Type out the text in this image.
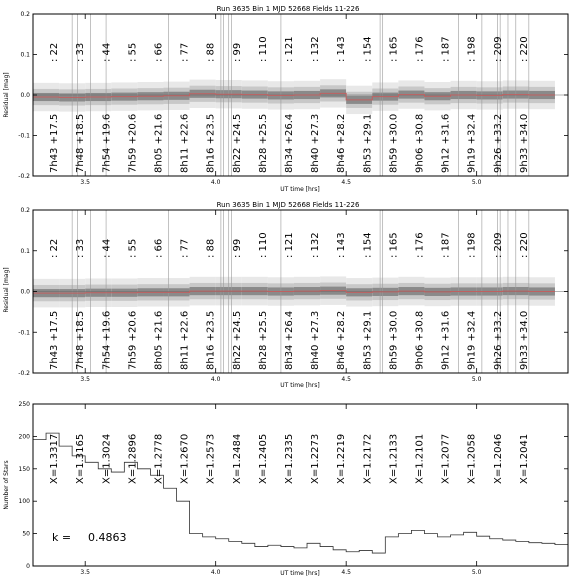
Run 3635 Bin 1 MJD 52668 Fields 11-226
: 22
7h43 +17.5
: 33
7h48 +18.5
: 44
7h54 +19.6
: 55
7h59 +20.6
: 66
8h05 +21.6
: 77
8h11 +22.6
: 88
8h16 +23.5
: 99
8h22 +24.5
: 110
8h28 +25.5
: 121
8h34 +26.4
: 132
8h40 +27.3
: 143
8h46 +28.2
: 154
8h53 +29.1
: 165
8h59 +30.0
: 176
9h06 +30.8
: 187
9h12 +31.6
: 198
9h19 +32.4
: 209
9h26 +33.2
: 220
9h33 +34.0
-0.2
-0.1
0.0
0.1
0.2
3.5	4.0	4.5	5.0
Residual [mag]
UT time [hrs]
Run 3635 Bin 1 MJD 52668 Fields 11-226
: 22
7h43 +17.5
: 33
7h48 +18.5
: 44
7h54 +19.6
: 55
7h59 +20.6
: 66
8h05 +21.6
: 77
8h11 +22.6
: 88
8h16 +23.5
: 99
8h22 +24.5
: 110
8h28 +25.5
: 121
8h34 +26.4
: 132
8h40 +27.3
: 143
8h46 +28.2
: 154
8h53 +29.1
: 165
8h59 +30.0
: 176
9h06 +30.8
: 187
9h12 +31.6
: 198
9h19 +32.4
: 209
9h26 +33.2
: 220
9h33 +34.0
-0.2
-0.1
0.0
0.1
0.2
3.5	4.0	4.5	5.0
Residual [mag]
UT time [hrs]
X=1.3317 X=1.3165 X=1.3024 X=1.2896 X=1.2778 X=1.2670 X=1.2573 X=1.2484 X=1.2405 X=1.2335 X=1.2273 X=1.2219 X=1.2172 X=1.2133 X=1.2101 X=1.2077 X=1.2058 X=1.2046 X=1.2041
0
50
100
150
200
250
3.5	4.0	4.5	5.0
Number of Stars
UT time [hrs]
k = 0.4863
